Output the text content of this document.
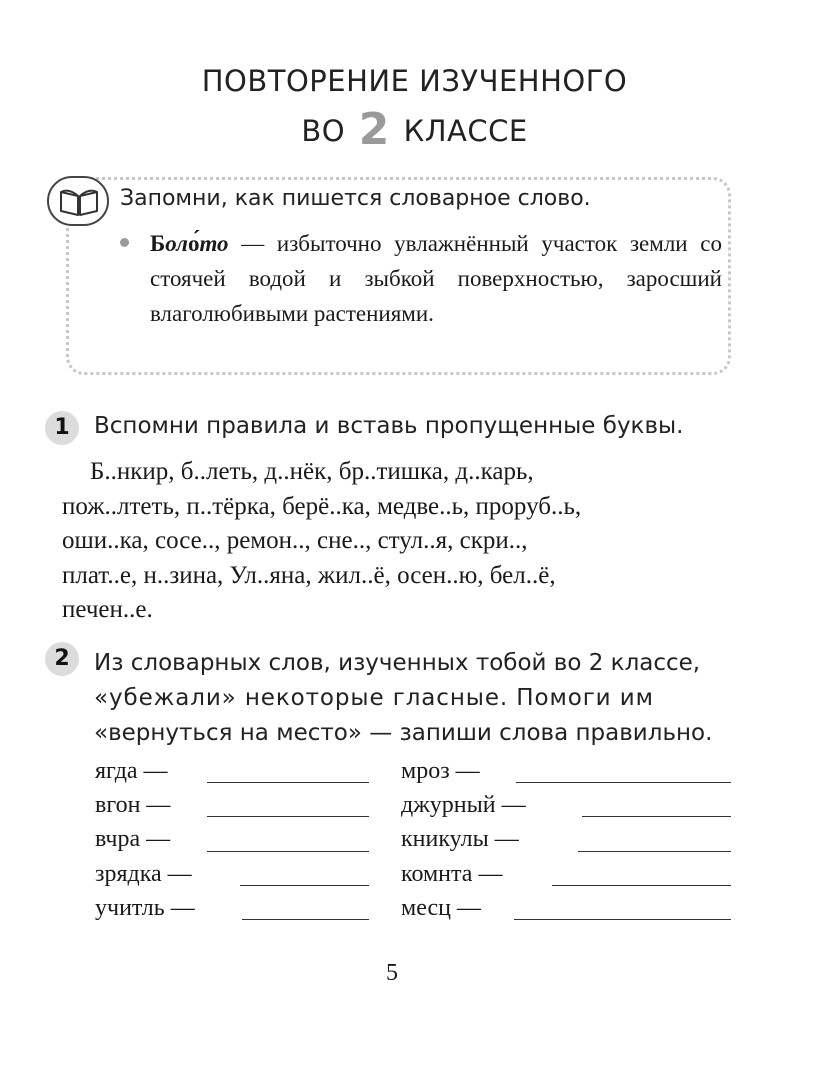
ПОВТОРЕНИЕ ИЗУЧЕННОГО
ВО 2 КЛАССЕ
Запомни, как пишется словарное слово.
Боло́то — избыточно увлажнённый участок земли со стоячей водой и зыбкой поверхностью, заросший влаголюбивыми растениями.
1	Вспомни правила и вставь пропущенные буквы.
Б..нкир, б..леть, д..нёк, бр..тишка, д..карь,
пож..лтеть, п..тёрка, берё..ка, медве..ь, проруб..ь,
оши..ка, сосе.., ремон.., сне.., стул..я, скри..,
плат..е, н..зина, Ул..яна, жил..ё, осен..ю, бел..ё,
печен..е.
2	Из словарных слов, изученных тобой во 2 классе,
«убежали» некоторые гласные. Помоги им
«вернуться на место» — запиши слова правильно.
ягда —
вгон —
вчра —
зрядка —
учитль —
мроз —
джурный —
кникулы —
комнта —
месц —
5
